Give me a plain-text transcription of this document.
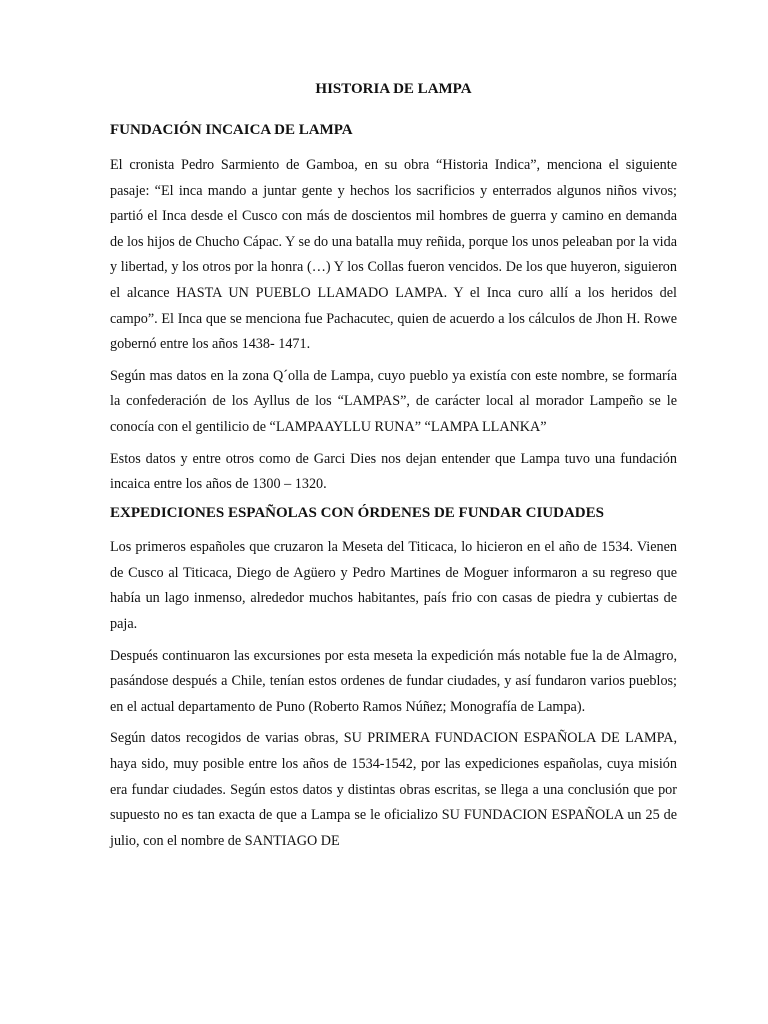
HISTORIA DE LAMPA
FUNDACIÓN INCAICA DE LAMPA

El cronista Pedro Sarmiento de Gamboa, en su obra “Historia Indica”, menciona el siguiente pasaje: “El inca mando a juntar gente y hechos los sacrificios y enterrados algunos niños vivos; partió el Inca desde el Cusco con más de doscientos mil hombres de guerra y camino en demanda de los hijos de Chucho Cápac. Y se do una batalla muy reñida, porque los unos peleaban por la vida y libertad, y los otros por la honra (…) Y los Collas fueron vencidos. De los que huyeron, siguieron el alcance HASTA UN PUEBLO LLAMADO LAMPA. Y el Inca curo allí a los heridos del campo”. El Inca que se menciona fue Pachacutec, quien de acuerdo a los cálculos de Jhon H. Rowe gobernó entre los años 1438- 1471.

Según mas datos en la zona Q´olla de Lampa, cuyo pueblo ya existía con este nombre, se formaría la confederación de los Ayllus de los “LAMPAS”, de carácter local al morador Lampeño se le conocía con el gentilicio de “LAMPAAYLLU RUNA” “LAMPA LLANKA”

Estos datos y entre otros como de Garci Dies nos dejan entender que Lampa tuvo una fundación incaica entre los años de 1300 – 1320.

EXPEDICIONES ESPAÑOLAS CON ÓRDENES DE FUNDAR CIUDADES

Los primeros españoles que cruzaron la Meseta del Titicaca, lo hicieron en el año de 1534. Vienen de Cusco al Titicaca, Diego de Agüero y Pedro Martines de Moguer informaron a su regreso que había un lago inmenso, alrededor muchos habitantes, país frio con casas de piedra y cubiertas de paja.

Después continuaron las excursiones por esta meseta la expedición más notable fue la de Almagro, pasándose después a Chile, tenían estos ordenes de fundar ciudades, y así fundaron varios pueblos; en el actual departamento de Puno (Roberto Ramos Núñez; Monografía de Lampa).

Según datos recogidos de varias obras, SU PRIMERA FUNDACION ESPAÑOLA DE LAMPA, haya sido, muy posible entre los años de 1534-1542, por las expediciones españolas, cuya misión era fundar ciudades. Según estos datos y distintas obras escritas, se llega a una conclusión que por supuesto no es tan exacta de que a Lampa se le oficializo SU FUNDACION ESPAÑOLA un 25 de julio, con el nombre de SANTIAGO DE
